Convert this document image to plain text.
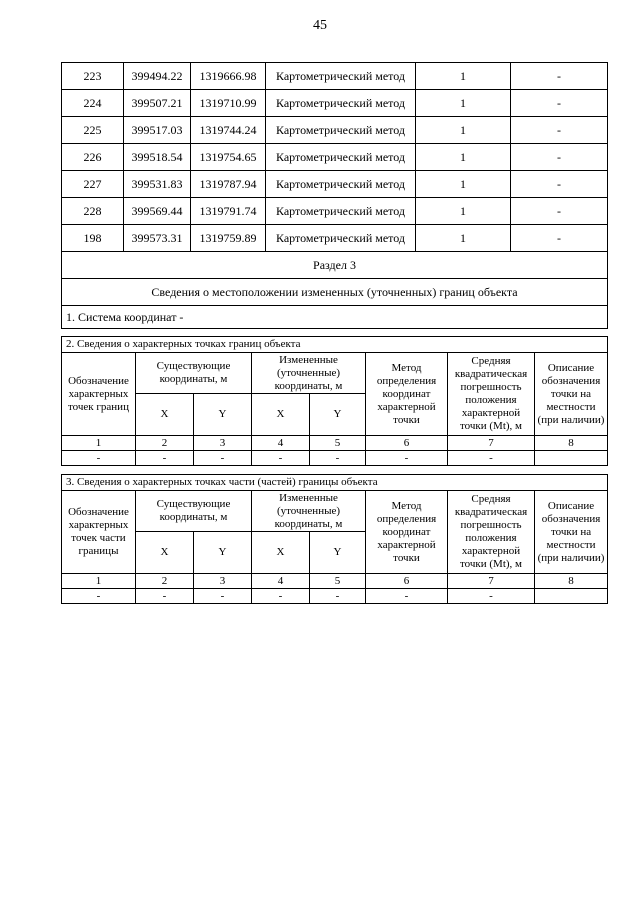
45
223	399494.22	1319666.98	Картометрический метод	1	-
224	399507.21	1319710.99	Картометрический метод	1	-
225	399517.03	1319744.24	Картометрический метод	1	-
226	399518.54	1319754.65	Картометрический метод	1	-
227	399531.83	1319787.94	Картометрический метод	1	-
228	399569.44	1319791.74	Картометрический метод	1	-
198	399573.31	1319759.89	Картометрический метод	1	-
Раздел 3					
Сведения о местоположении измененных (уточненных) границ объекта					
1. Система координат -					
2. Сведения о характерных точках границ объекта							
Обозначение характерных точек границ	Существующие координаты, м		Измененные (уточненные) координаты, м		Метод определения координат характерной точки	Средняя квадратическая погрешность положения характерной точки (Mt), м	Описание обозначения точки на местности (при наличии)
	X	Y	X	Y			
1	2	3	4	5	6	7	8
-	-	-	-	-	-	-	
3. Сведения о характерных точках части (частей) границы объекта							
Обозначение характерных точек части границы	Существующие координаты, м		Измененные (уточненные) координаты, м		Метод определения координат характерной точки	Средняя квадратическая погрешность положения характерной точки (Mt), м	Описание обозначения точки на местности (при наличии)
	X	Y	X	Y			
1	2	3	4	5	6	7	8
-	-	-	-	-	-	-	
